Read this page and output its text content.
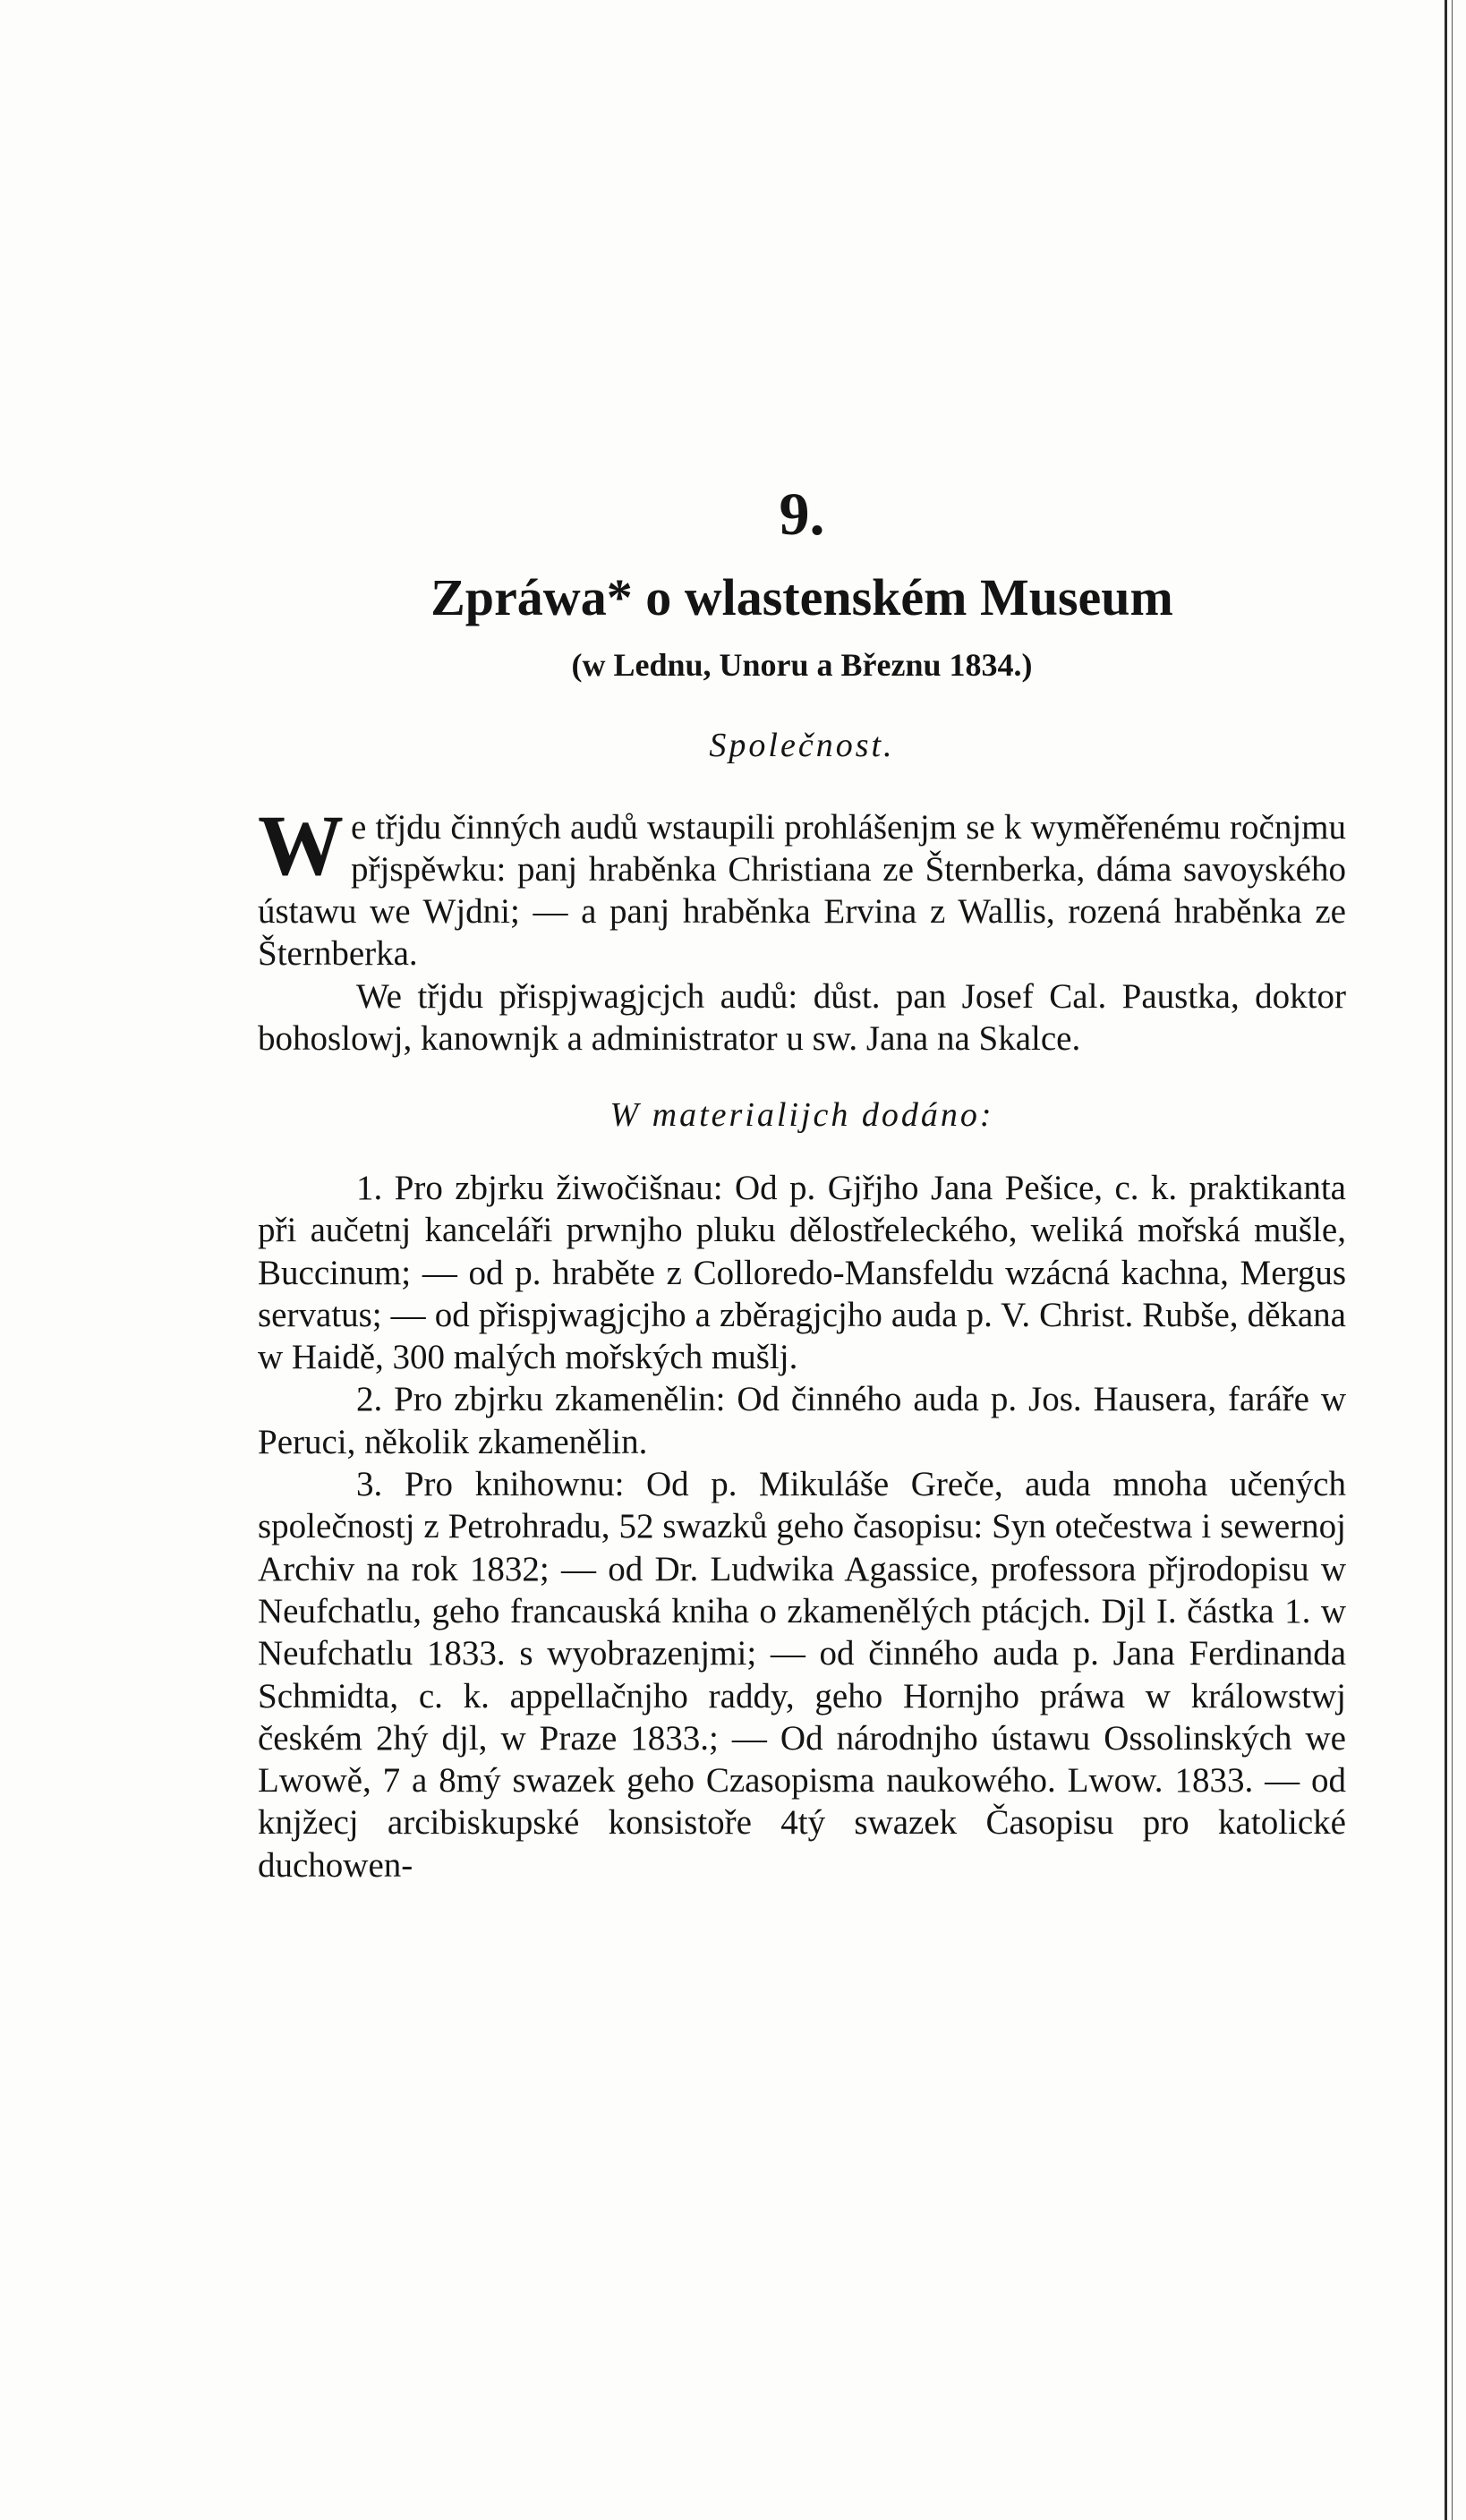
9.
Zpráwa* o wlastenském Museum
(w Lednu, Unoru a Březnu 1834.)
Společnost.

We třjdu činných audů wstaupili prohlášenjm se k wyměřenému ročnjmu přjspěwku: panj hraběnka Christiana ze Šternberka, dáma savoyského ústawu we Wjdni; — a panj hraběnka Ervina z Wallis, rozená hraběnka ze Šternberka.

We třjdu přispjwagjcjch audů: důst. pan Josef Cal. Paustka, doktor bohoslowj, kanownjk a administrator u sw. Jana na Skalce.

W materialijch dodáno:

1. Pro zbjrku žiwočišnau: Od p. Gjřjho Jana Pešice, c. k. praktikanta při aučetnj kanceláři prwnjho pluku dělostřeleckého, weliká mořská mušle, Buccinum; — od p. hraběte z Colloredo-Mansfeldu wzácná kachna, Mergus servatus; — od přispjwagjcjho a zběragjcjho auda p. V. Christ. Rubše, děkana w Haidě, 300 malých mořských mušlj.

2. Pro zbjrku zkamenělin: Od činného auda p. Jos. Hausera, faráře w Peruci, několik zkamenělin.

3. Pro knihownu: Od p. Mikuláše Greče, auda mnoha učených společnostj z Petrohradu, 52 swazků geho časopisu: Syn otečestwa i sewernoj Archiv na rok 1832; — od Dr. Ludwika Agassice, professora přjrodopisu w Neufchatlu, geho francauská kniha o zkamenělých ptácjch. Djl I. částka 1. w Neufchatlu 1833. s wyobrazenjmi; — od činného auda p. Jana Ferdinanda Schmidta, c. k. appellačnjho raddy, geho Hornjho práwa w králowstwj českém 2hý djl, w Praze 1833.; — Od národnjho ústawu Ossolinských we Lwowě, 7 a 8mý swazek geho Czasopisma naukowého. Lwow. 1833. — od knjžecj arcibiskupské konsistoře 4tý swazek Časopisu pro katolické duchowen-
